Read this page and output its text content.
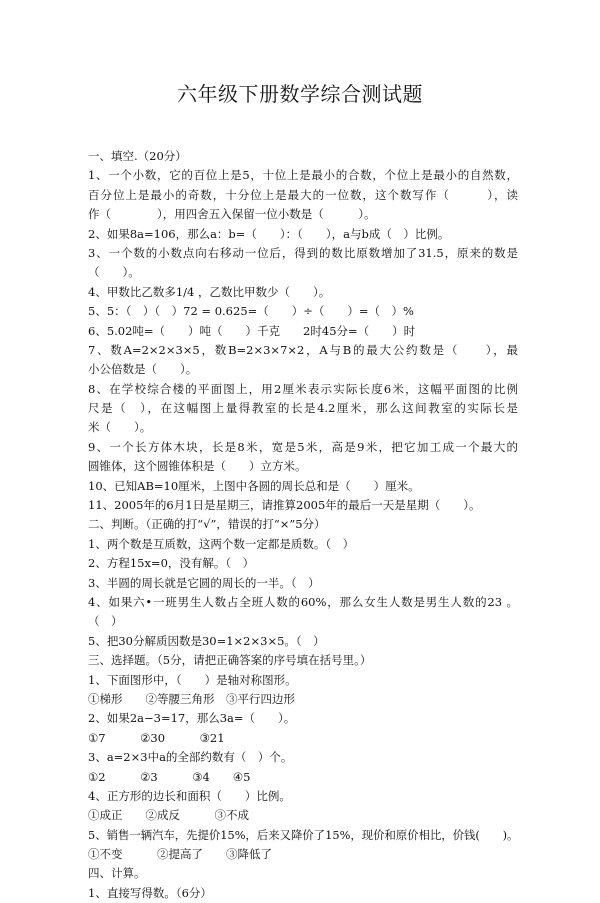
六年级下册数学综合测试题
一、填空.（20分）
1、一个小数，它的百位上是5，十位上是最小的合数，个位上是最小的自然数，
百分位上是最小的奇数，十分位上是最大的一位数，这个数写作（　　　），读
作（　　　　），用四舍五入保留一位小数是（　　　）。
2、如果8a=106，那么a：b=（　　）：（　　），a与b成（　）比例。
3、一个数的小数点向右移动一位后，得到的数比原数增加了31.5，原来的数是
（　　）。
4、甲数比乙数多1/4 ，乙数比甲数少（　　）。
5、5：（　）（　）72 = 0.625=（　　）÷（　　）=（　）%
6、5.02吨=（　　）吨（　　）千克　　2时45分=（　　）时
7、数A=2×2×3×5，数B=2×3×7×2，A与B的最大公约数是（　　），最
小公倍数是（　　）。
8、在学校综合楼的平面图上，用2厘米表示实际长度6米，这幅平面图的比例
尺是（　），在这幅图上量得教室的长是4.2厘米，那么这间教室的实际长是
米（　　）。
9、一个长方体木块，长是8米，宽是5米，高是9米，把它加工成一个最大的
圆锥体，这个圆锥体积是（　　）立方米。
10、已知AB=10厘米，上图中各圆的周长总和是（　　）厘米。
11、2005年的6月1日是星期三，请推算2005年的最后一天是星期（　　）。
二、判断。（正确的打“√”，错误的打“×”5分）
1、两个数是互质数，这两个数一定都是质数。（　）
2、方程15x=0，没有解。（　）
3、半圆的周长就是它圆的周长的一半。（　）
4、如果六•一班男生人数占全班人数的60%，那么女生人数是男生人数的23 。
（　）
5、把30分解质因数是30=1×2×3×5。（　）
三、选择题。（5分，请把正确答案的序号填在括号里。）
1、下面图形中，（　　）是轴对称图形。
①梯形　　②等腰三角形　③平行四边形
2、如果2a−3=17，那么3a=（　　）。
①7　　　②30　　　③21
3、a=2×3中a的全部约数有（　）个。
①2　　　②3　　　③4　　④5
4、正方形的边长和面积（　　）比例。
①成正　　②成反　　　③不成
5、销售一辆汽车，先提价15%，后来又降价了15%，现价和原价相比，价钱(　　)。
①不变　　　②提高了　　③降低了
四、计算。
1、直接写得数。（6分）
